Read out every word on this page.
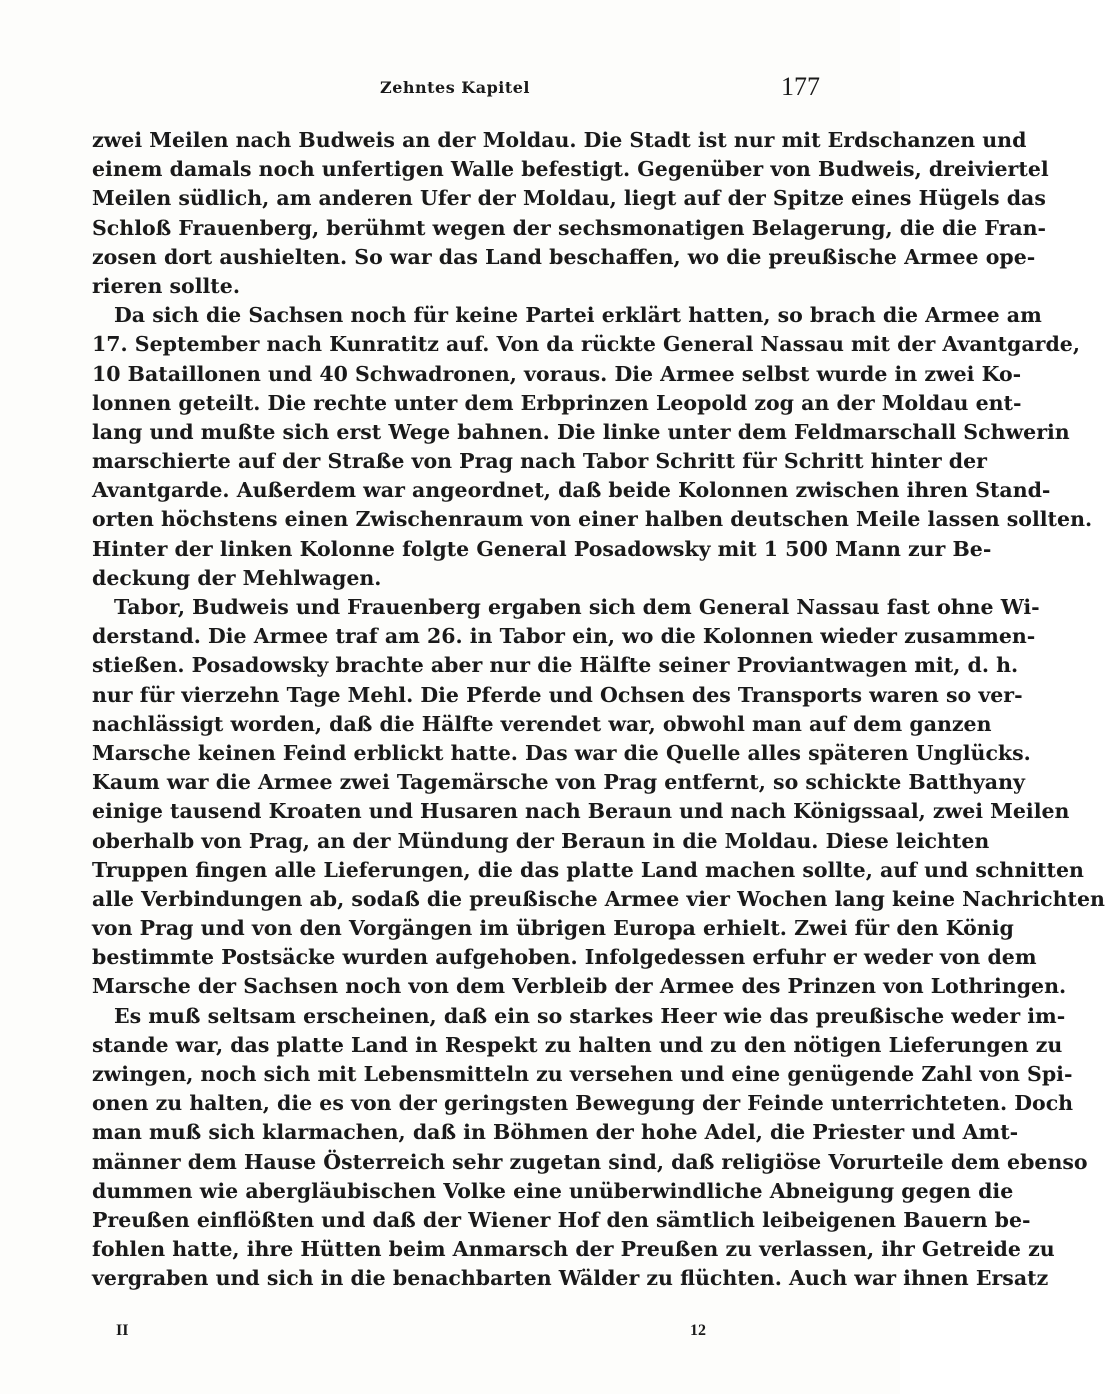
Zehntes Kapitel	177
zwei Meilen nach Budweis an der Moldau. Die Stadt ist nur mit Erdschanzen und
einem damals noch unfertigen Walle befestigt. Gegenüber von Budweis, dreiviertel
Meilen südlich, am anderen Ufer der Moldau, liegt auf der Spitze eines Hügels das
Schloß Frauenberg, berühmt wegen der sechsmonatigen Belagerung, die die Fran-
zosen dort aushielten. So war das Land beschaffen, wo die preußische Armee ope-
rieren sollte.
Da sich die Sachsen noch für keine Partei erklärt hatten, so brach die Armee am
17. September nach Kunratitz auf. Von da rückte General Nassau mit der Avantgarde,
10 Bataillonen und 40 Schwadronen, voraus. Die Armee selbst wurde in zwei Ko-
lonnen geteilt. Die rechte unter dem Erbprinzen Leopold zog an der Moldau ent-
lang und mußte sich erst Wege bahnen. Die linke unter dem Feldmarschall Schwerin
marschierte auf der Straße von Prag nach Tabor Schritt für Schritt hinter der
Avantgarde. Außerdem war angeordnet, daß beide Kolonnen zwischen ihren Stand-
orten höchstens einen Zwischenraum von einer halben deutschen Meile lassen sollten.
Hinter der linken Kolonne folgte General Posadowsky mit 1 500 Mann zur Be-
deckung der Mehlwagen.
Tabor, Budweis und Frauenberg ergaben sich dem General Nassau fast ohne Wi-
derstand. Die Armee traf am 26. in Tabor ein, wo die Kolonnen wieder zusammen-
stießen. Posadowsky brachte aber nur die Hälfte seiner Proviantwagen mit, d. h.
nur für vierzehn Tage Mehl. Die Pferde und Ochsen des Transports waren so ver-
nachlässigt worden, daß die Hälfte verendet war, obwohl man auf dem ganzen
Marsche keinen Feind erblickt hatte. Das war die Quelle alles späteren Unglücks.
Kaum war die Armee zwei Tagemärsche von Prag entfernt, so schickte Batthyany
einige tausend Kroaten und Husaren nach Beraun und nach Königssaal, zwei Meilen
oberhalb von Prag, an der Mündung der Beraun in die Moldau. Diese leichten
Truppen fingen alle Lieferungen, die das platte Land machen sollte, auf und schnitten
alle Verbindungen ab, sodaß die preußische Armee vier Wochen lang keine Nachrichten
von Prag und von den Vorgängen im übrigen Europa erhielt. Zwei für den König
bestimmte Postsäcke wurden aufgehoben. Infolgedessen erfuhr er weder von dem
Marsche der Sachsen noch von dem Verbleib der Armee des Prinzen von Lothringen.
Es muß seltsam erscheinen, daß ein so starkes Heer wie das preußische weder im-
stande war, das platte Land in Respekt zu halten und zu den nötigen Lieferungen zu
zwingen, noch sich mit Lebensmitteln zu versehen und eine genügende Zahl von Spi-
onen zu halten, die es von der geringsten Bewegung der Feinde unterrichteten. Doch
man muß sich klarmachen, daß in Böhmen der hohe Adel, die Priester und Amt-
männer dem Hause Österreich sehr zugetan sind, daß religiöse Vorurteile dem ebenso
dummen wie abergläubischen Volke eine unüberwindliche Abneigung gegen die
Preußen einflößten und daß der Wiener Hof den sämtlich leibeigenen Bauern be-
fohlen hatte, ihre Hütten beim Anmarsch der Preußen zu verlassen, ihr Getreide zu
vergraben und sich in die benachbarten Wälder zu flüchten. Auch war ihnen Ersatz
II	12
